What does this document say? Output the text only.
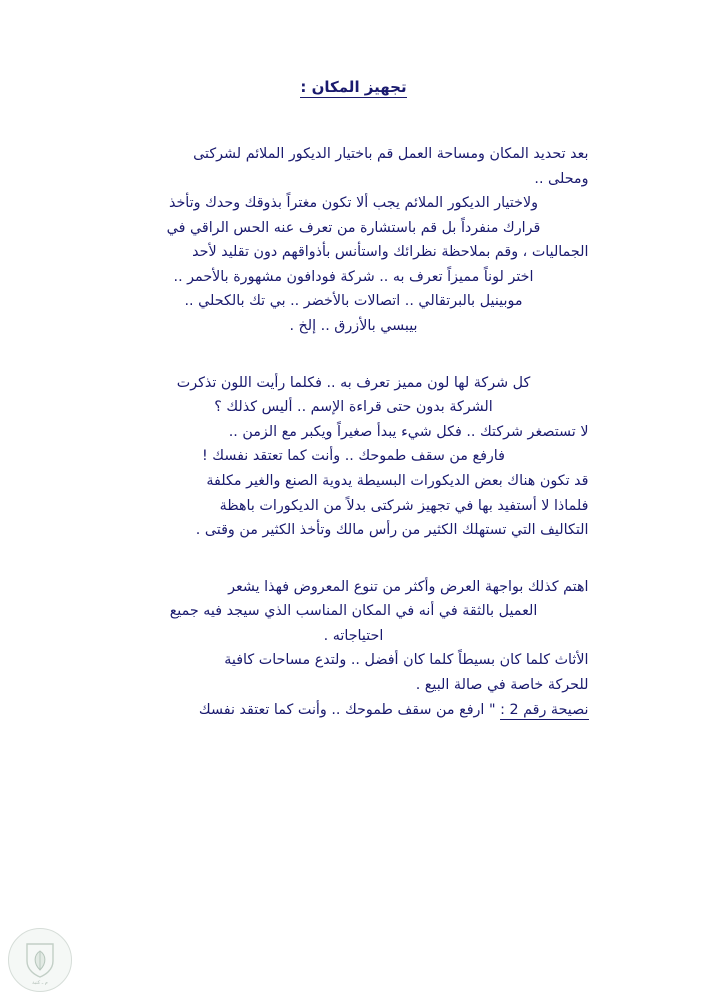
تجهيز المكان :

بعد تحديد المكان ومساحة العمل قم باختيار الديكور الملائم لشركتى
ومحلى ..
ولاختيار الديكور الملائم يجب ألا تكون مغتراً بذوقك وحدك وتأخذ
قرارك منفرداً بل قم باستشارة من تعرف عنه الحس الراقي في
الجماليات ، وقم بملاحظة نظرائك واستأنس بأذواقهم دون تقليد لأحد
اختر لوناً مميزاً تعرف به .. شركة فودافون مشهورة بالأحمر ..
موبينيل بالبرتقالي .. اتصالات بالأخضر .. بي تك بالكحلي ..
بيبسي بالأزرق .. إلخ .

كل شركة لها لون مميز تعرف به .. فكلما رأيت اللون تذكرت
الشركة بدون حتى قراءة الإسم .. أليس كذلك ؟
لا تستصغر شركتك .. فكل شيء يبدأ صغيراً ويكبر مع الزمن ..
فارفع من سقف طموحك .. وأنت كما تعتقد نفسك !
قد تكون هناك بعض الديكورات البسيطة يدوية الصنع والغير مكلفة
فلماذا لا أستفيد بها في تجهيز شركتى بدلاً من الديكورات باهظة
التكاليف التي تستهلك الكثير من رأس مالك وتأخذ الكثير من وقتى .

اهتم كذلك بواجهة العرض وأكثر من تنوع المعروض فهذا يشعر
العميل بالثقة في أنه في المكان المناسب الذي سيجد فيه جميع
احتياجاته .
الأثاث كلما كان بسيطاً كلما كان أفضل .. ولتدع مساحات كافية
للحركة خاصة في صالة البيع .

نصيحة رقم 2 : " ارفع من سقف طموحك .. وأنت كما تعتقد نفسك
م ـ كتبة
